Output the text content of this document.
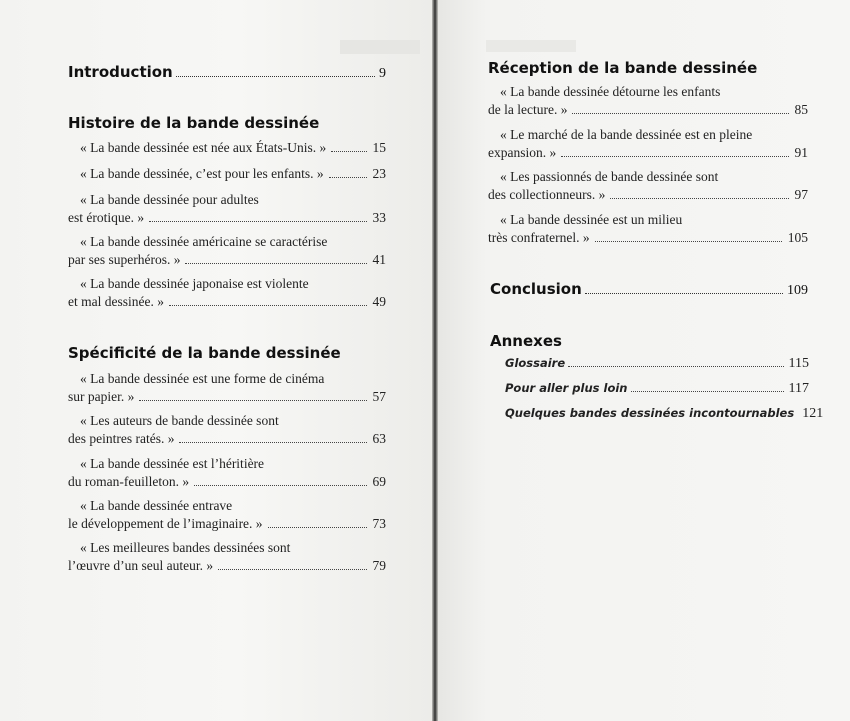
Introduction	9
Histoire de la bande dessinée
« La bande dessinée est née aux États-Unis. »	15
« La bande dessinée, c’est pour les enfants. »	23
« La bande dessinée pour adultes
est érotique. »	33
« La bande dessinée américaine se caractérise
par ses superhéros. »	41
« La bande dessinée japonaise est violente
et mal dessinée. »	49
Spécificité de la bande dessinée
« La bande dessinée est une forme de cinéma
sur papier. »	57
« Les auteurs de bande dessinée sont
des peintres ratés. »	63
« La bande dessinée est l’héritière
du roman-feuilleton. »	69
« La bande dessinée entrave
le développement de l’imaginaire. »	73
« Les meilleures bandes dessinées sont
l’œuvre d’un seul auteur. »	79
Réception de la bande dessinée
« La bande dessinée détourne les enfants
de la lecture. »	85
« Le marché de la bande dessinée est en pleine
expansion. »	91
« Les passionnés de bande dessinée sont
des collectionneurs. »	97
« La bande dessinée est un milieu
très confraternel. »	105
Conclusion	109
Annexes
Glossaire	115
Pour aller plus loin	117
Quelques bandes dessinées incontournables 121
